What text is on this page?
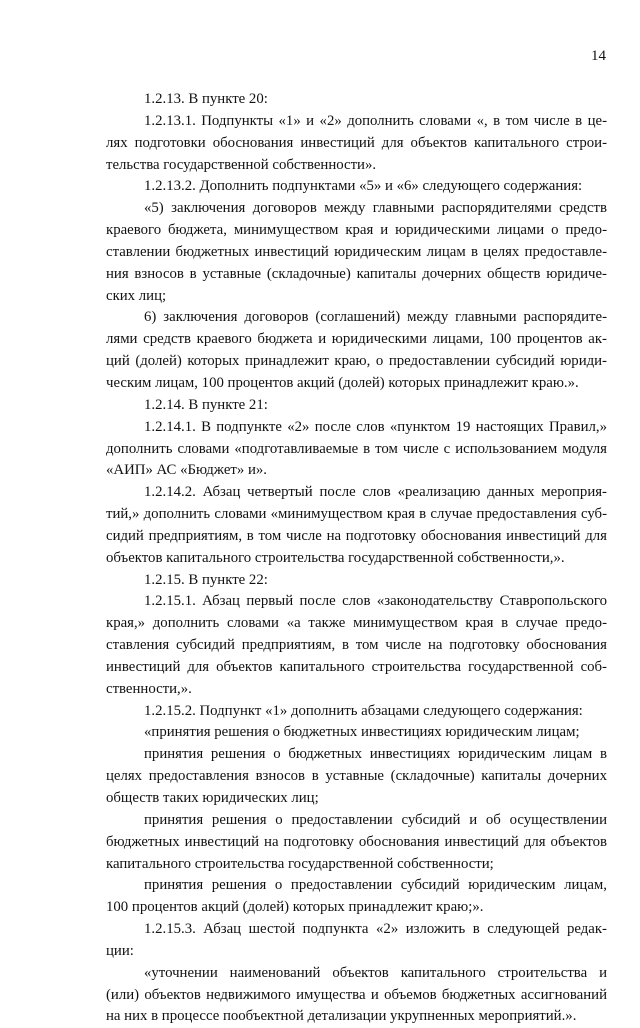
14
1.2.13. В пункте 20:
1.2.13.1. Подпункты «1» и «2» дополнить словами «, в том числе в це-
лях подготовки обоснования инвестиций для объектов капитального строи-
тельства государственной собственности».
1.2.13.2. Дополнить подпунктами «5» и «6» следующего содержания:
«5) заключения договоров между главными распорядителями средств
краевого бюджета, минимуществом края и юридическими лицами о предо-
ставлении бюджетных инвестиций юридическим лицам в целях предоставле-
ния взносов в уставные (складочные) капиталы дочерних обществ юридиче-
ских лиц;
6) заключения договоров (соглашений) между главными распорядите-
лями средств краевого бюджета и юридическими лицами, 100 процентов ак-
ций (долей) которых принадлежит краю, о предоставлении субсидий юриди-
ческим лицам, 100 процентов акций (долей) которых принадлежит краю.».
1.2.14. В пункте 21:
1.2.14.1. В подпункте «2» после слов «пунктом 19 настоящих Правил,»
дополнить словами «подготавливаемые в том числе с использованием модуля
«АИП» АС «Бюджет» и».
1.2.14.2. Абзац четвертый после слов «реализацию данных мероприя-
тий,» дополнить словами «минимуществом края в случае предоставления суб-
сидий предприятиям, в том числе на подготовку обоснования инвестиций для
объектов капитального строительства государственной собственности,».
1.2.15. В пункте 22:
1.2.15.1. Абзац первый после слов «законодательству Ставропольского
края,» дополнить словами «а также минимуществом края в случае предо-
ставления субсидий предприятиям, в том числе на подготовку обоснования
инвестиций для объектов капитального строительства государственной соб-
ственности,».
1.2.15.2. Подпункт «1» дополнить абзацами следующего содержания:
«принятия решения о бюджетных инвестициях юридическим лицам;
принятия решения о бюджетных инвестициях юридическим лицам в
целях предоставления взносов в уставные (складочные) капиталы дочерних
обществ таких юридических лиц;
принятия решения о предоставлении субсидий и об осуществлении
бюджетных инвестиций на подготовку обоснования инвестиций для объектов
капитального строительства государственной собственности;
принятия решения о предоставлении субсидий юридическим лицам,
100 процентов акций (долей) которых принадлежит краю;».
1.2.15.3. Абзац шестой подпункта «2» изложить в следующей редак-
ции:
«уточнении наименований объектов капитального строительства и
(или) объектов недвижимого имущества и объемов бюджетных ассигнований
на них в процессе пообъектной детализации укрупненных мероприятий.».
